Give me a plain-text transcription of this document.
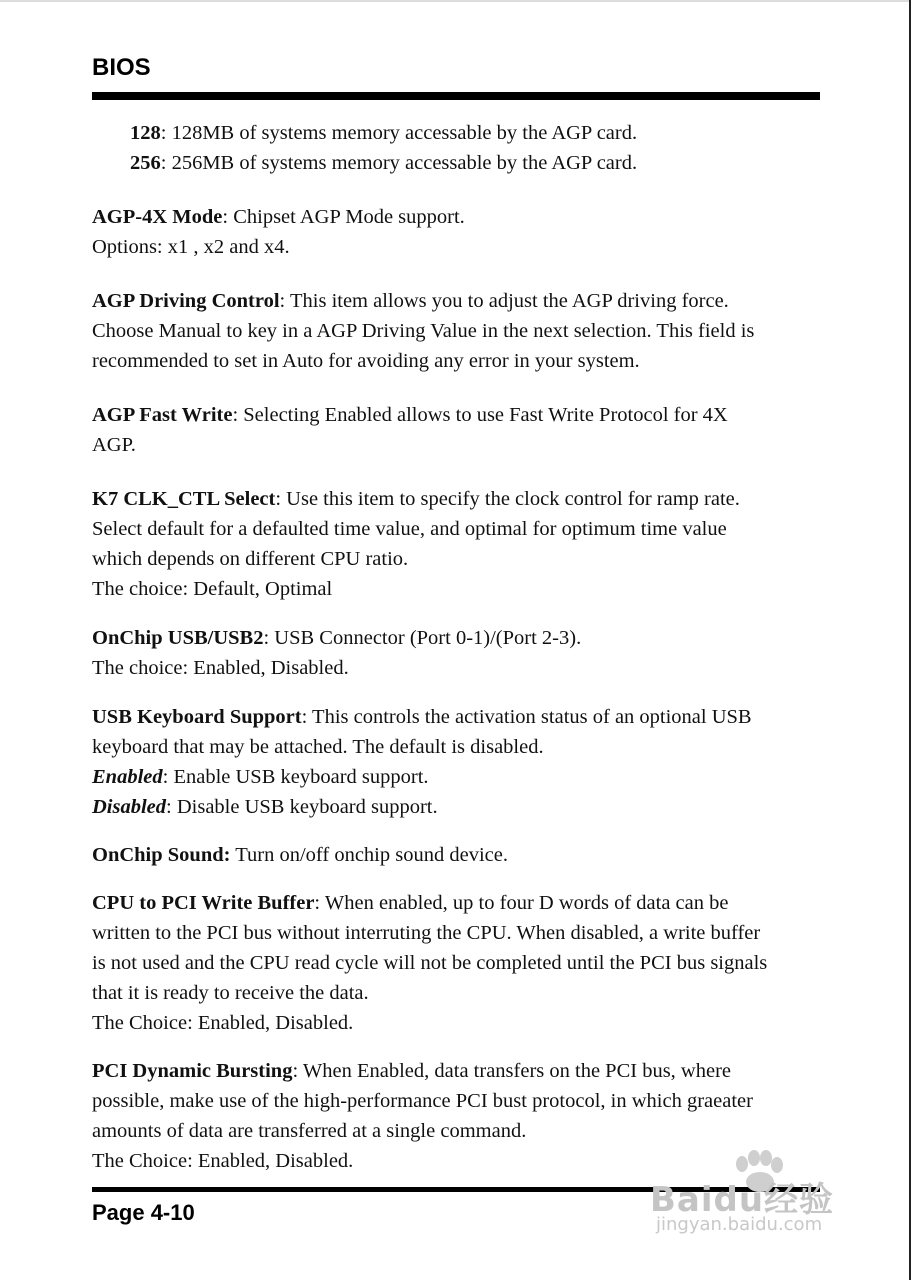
BIOS

128: 128MB of systems memory accessable by the AGP card.

256: 256MB of systems memory accessable by the AGP card.

AGP-4X Mode: Chipset AGP Mode support.

Options: x1 , x2 and x4.

AGP Driving Control: This item allows you to adjust the AGP driving force.

Choose Manual to key in a AGP Driving Value in the next selection. This field is

recommended to set in Auto for avoiding any error in your system.

AGP Fast Write: Selecting Enabled allows to use Fast Write Protocol for 4X

AGP.

K7 CLK_CTL Select: Use this item to specify the clock control for ramp rate.

Select default for a defaulted time value, and optimal for optimum time value

which depends on different CPU ratio.

The choice: Default, Optimal

OnChip USB/USB2: USB Connector (Port 0-1)/(Port 2-3).

The choice: Enabled, Disabled.

USB Keyboard Support: This controls the activation status of an optional USB

keyboard that may be attached. The default is disabled.

Enabled: Enable USB keyboard support.

Disabled: Disable USB keyboard support.

OnChip Sound: Turn on/off onchip sound device.

CPU to PCI Write Buffer: When enabled, up to four D words of data can be

written to the PCI bus without interruting the CPU. When disabled, a write buffer

is not used and the CPU read cycle will not be completed until the PCI bus signals

that it is ready to receive the data.

The Choice: Enabled, Disabled.

PCI Dynamic Bursting: When Enabled, data transfers on the PCI bus, where

possible, make use of the high-performance PCI bust protocol, in which graeater

amounts of data are transferred at a single command.

The Choice: Enabled, Disabled.

Page 4-10	Baidu经验
jingyan.baidu.com
